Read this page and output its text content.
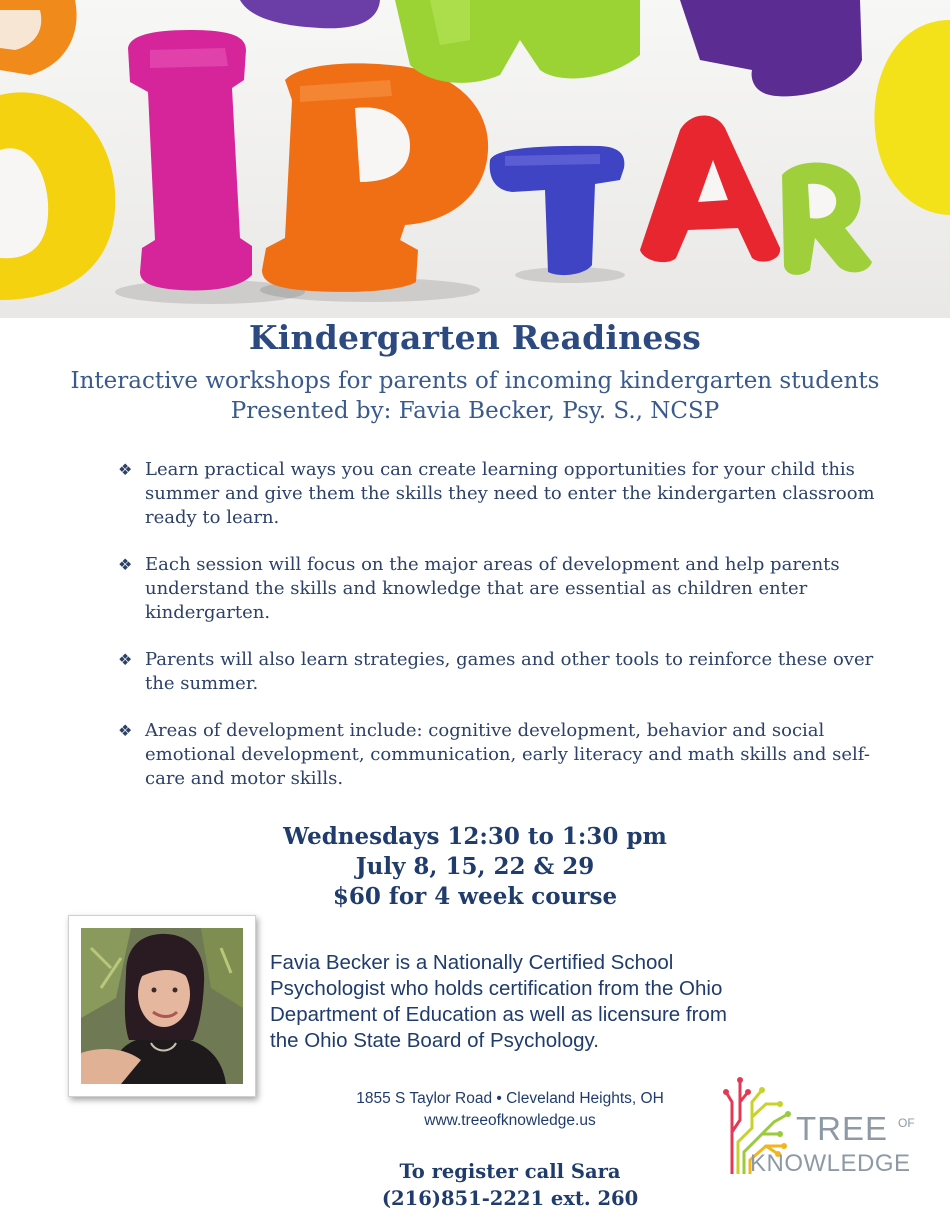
Kindergarten Readiness
Interactive workshops for parents of incoming kindergarten students
Presented by: Favia Becker, Psy. S., NCSP
❖ Learn practical ways you can create learning opportunities for your child this summer and give them the skills they need to enter the kindergarten classroom ready to learn.
❖ Each session will focus on the major areas of development and help parents understand the skills and knowledge that are essential as children enter kindergarten.
❖ Parents will also learn strategies, games and other tools to reinforce these over the summer.
❖ Areas of development include: cognitive development, behavior and social emotional development, communication, early literacy and math skills and self-care and motor skills.
Wednesdays 12:30 to 1:30 pm
July 8, 15, 22 & 29
$60 for 4 week course
Favia Becker is a Nationally Certified School
Psychologist who holds certification from the Ohio
Department of Education as well as licensure from
the Ohio State Board of Psychology.
1855 S Taylor Road • Cleveland Heights, OH
www.treeofknowledge.us
To register call Sara
(216)851-2221 ext. 260
TREE OF
KNOWLEDGE
